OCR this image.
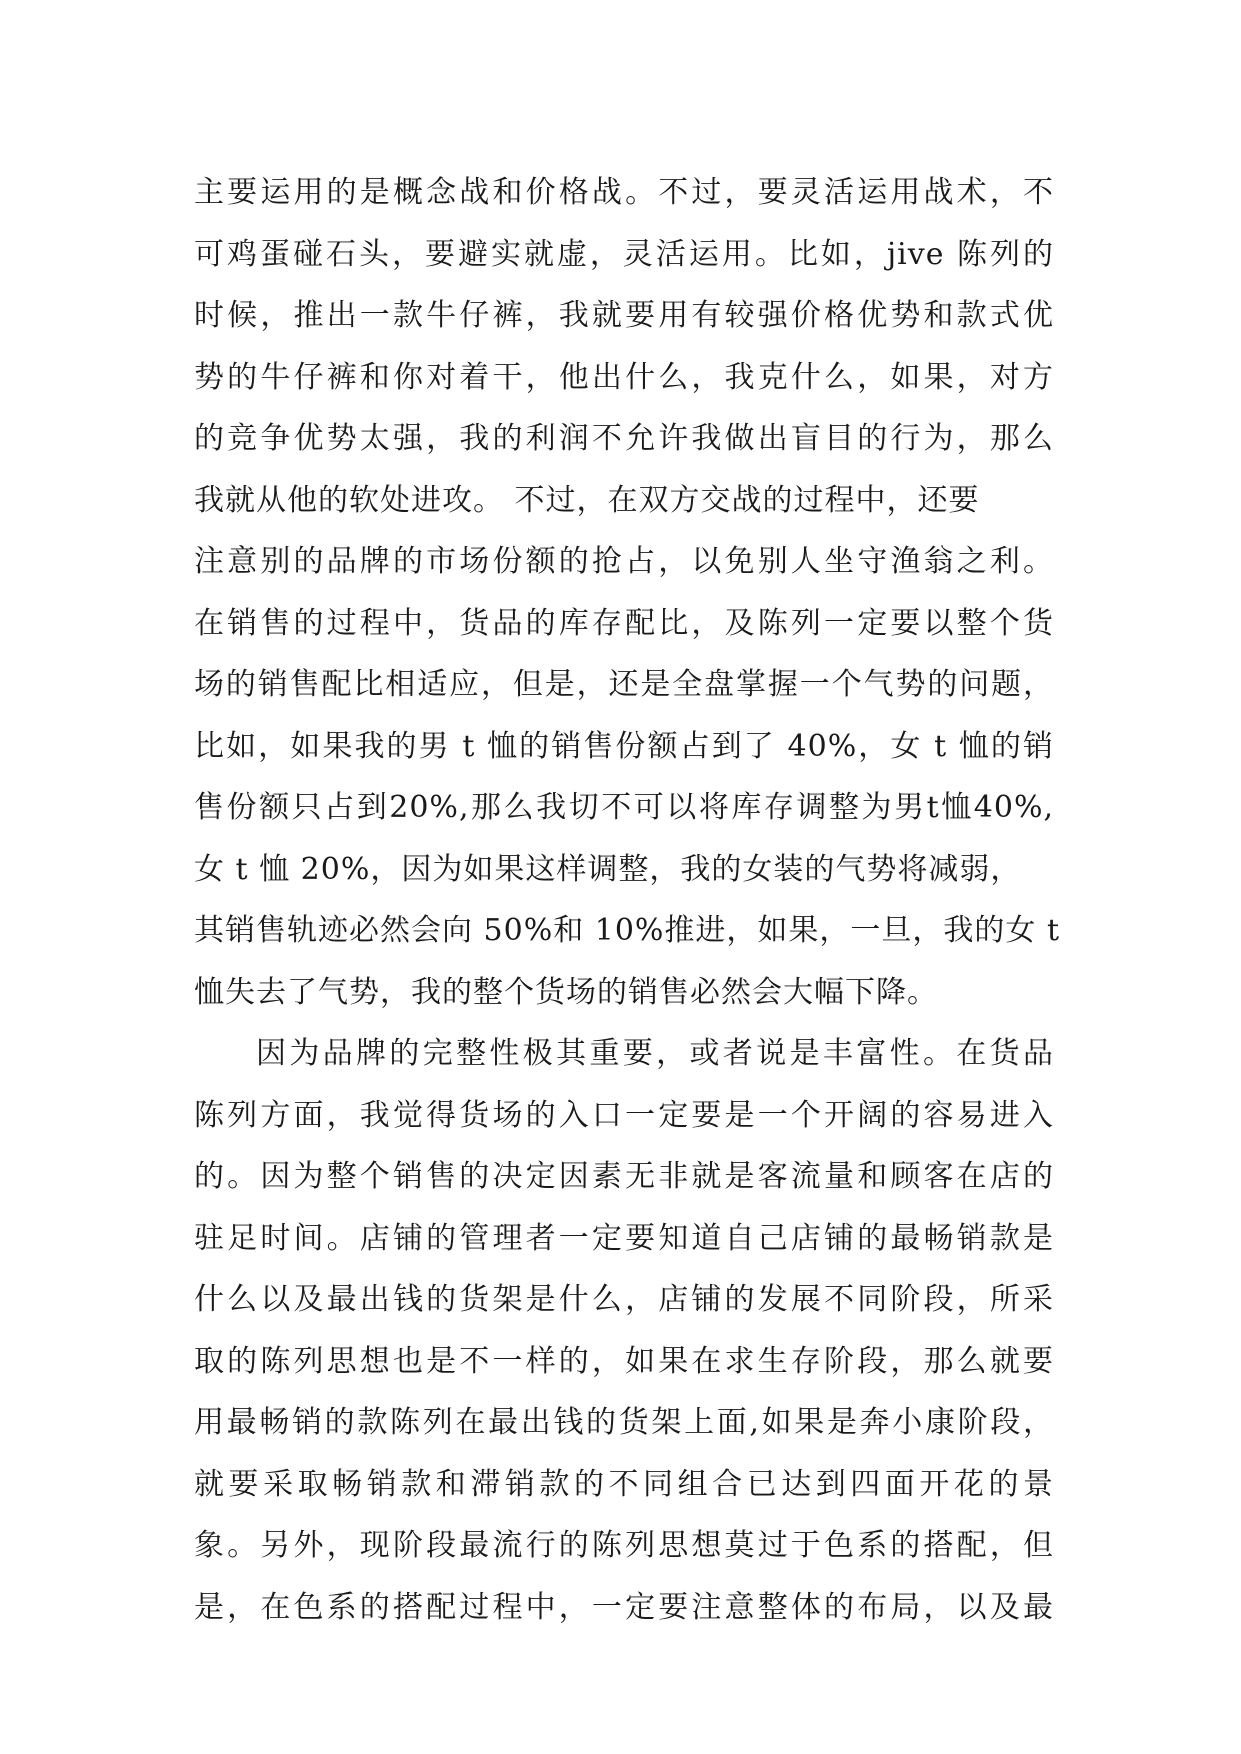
主要运用的是概念战和价格战。不过，要灵活运用战术，不
可鸡蛋碰石头，要避实就虚，灵活运用。比如，jive 陈列的
时候，推出一款牛仔裤，我就要用有较强价格优势和款式优
势的牛仔裤和你对着干，他出什么，我克什么，如果，对方
的竞争优势太强，我的利润不允许我做出盲目的行为，那么
我就从他的软处进攻。 不过，在双方交战的过程中，还要
注意别的品牌的市场份额的抢占，以免别人坐守渔翁之利。
在销售的过程中，货品的库存配比，及陈列一定要以整个货
场的销售配比相适应，但是，还是全盘掌握一个气势的问题，
比如，如果我的男 t 恤的销售份额占到了 40%，女 t 恤的销
售份额只占到20%,那么我切不可以将库存调整为男t恤40%,
女 t 恤 20%，因为如果这样调整，我的女装的气势将减弱，
其销售轨迹必然会向 50%和 10%推进，如果，一旦，我的女 t
恤失去了气势，我的整个货场的销售必然会大幅下降。
因为品牌的完整性极其重要，或者说是丰富性。在货品
陈列方面，我觉得货场的入口一定要是一个开阔的容易进入
的。因为整个销售的决定因素无非就是客流量和顾客在店的
驻足时间。店铺的管理者一定要知道自己店铺的最畅销款是
什么以及最出钱的货架是什么，店铺的发展不同阶段，所采
取的陈列思想也是不一样的，如果在求生存阶段，那么就要
用最畅销的款陈列在最出钱的货架上面,如果是奔小康阶段，
就要采取畅销款和滞销款的不同组合已达到四面开花的景
象。另外，现阶段最流行的陈列思想莫过于色系的搭配，但
是，在色系的搭配过程中，一定要注意整体的布局，以及最
